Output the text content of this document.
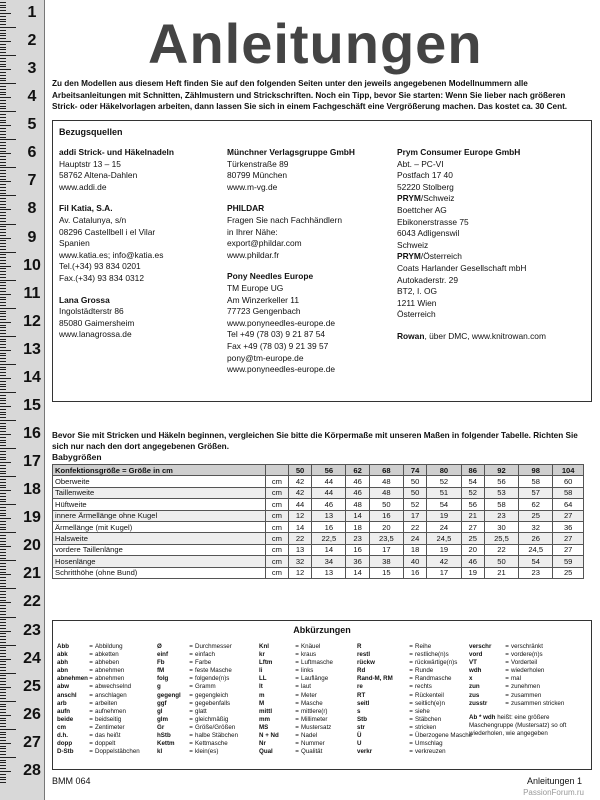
1
2
3
4
5
6
7
8
9
10
11
12
13
14
15
16
17
18
19
20
21
22
23
24
25
26
27
28
Anleitungen
Zu den Modellen aus diesem Heft finden Sie auf den folgenden Seiten unter den jeweils angegebenen Modellnummern alle Arbeitsanleitungen mit Schnitten, Zählmustern und Strickschriften. Noch ein Tipp, bevor Sie starten: Wenn Sie lieber nach größeren Strick- oder Häkelvorlagen arbeiten, dann lassen Sie sich in einem Fachgeschäft eine Vergrößerung machen. Das kostet ca. 30 Cent.
Bezugsquellen
addi Strick- und Häkelnadeln
Hauptstr 13 – 15
58762 Altena-Dahlen
www.addi.de
Fil Katia, S.A.
Av. Catalunya, s/n
08296 Castellbell i el Vilar
Spanien
www.katia.es; info@katia.es
Tel.(+34) 93 834 0201
Fax.(+34) 93 834 0312
Lana Grossa
Ingolstädterstr 86
85080 Gaimersheim
www.lanagrossa.de
Münchner Verlagsgruppe GmbH
Türkenstraße 89
80799 München
www.m-vg.de
PHILDAR
Fragen Sie nach Fachhändlern
in Ihrer Nähe:
export@phildar.com
www.phildar.fr
Pony Needles Europe
TM Europe UG
Am Winzerkeller 11
77723 Gengenbach
www.ponyneedles-europe.de
Tel +49 (78 03) 9 21 87 54
Fax +49 (78 03) 9 21 39 57
pony@tm-europe.de
www.ponyneedles-europe.de
Prym Consumer Europe GmbH
Abt. – PC-VI
Postfach 17 40
52220 Stolberg
PRYM/Schweiz
Boettcher AG
Ebikonerstrasse 75
6043 Adligenswil
Schweiz
PRYM/Österreich
Coats Harlander Gesellschaft mbH
Autokaderstr. 29
BT2, I. OG
1211 Wien
Österreich
Rowan, über DMC, www.knitrowan.com
Bevor Sie mit Stricken und Häkeln beginnen, vergleichen Sie bitte die Körpermaße mit unseren Maßen in folgender Tabelle. Richten Sie sich nur nach den dort angegebenen Größen.
Babygrößen
Konfektionsgröße = Größe in cm		50	56	62	68	74	80	86	92	98	104
Oberweite	cm	42	44	46	48	50	52	54	56	58	60
Taillenweite	cm	42	44	46	48	50	51	52	53	57	58
Hüftweite	cm	44	46	48	50	52	54	56	58	62	64
innere Ärmellänge ohne Kugel	cm	12	13	14	16	17	19	21	23	25	27
Ärmellänge (mit Kugel)	cm	14	16	18	20	22	24	27	30	32	36
Halsweite	cm	22	22,5	23	23,5	24	24,5	25	25,5	26	27
vordere Taillenlänge	cm	13	14	16	17	18	19	20	22	24,5	27
Hosenlänge	cm	32	34	36	38	40	42	46	50	54	59
Schritthöhe (ohne Bund)	cm	12	13	14	15	16	17	19	21	23	25
Abkürzungen
Abb	= Abbildung
abk	= abketten
abh	= abheben
abn	= abnehmen
abnehmen= abnehmen
abw	= abwechselnd
anschl = anschlagen
arb	= arbeiten
aufn	= aufnehmen
beide	= beidseitig
cm	= Zentimeter
d.h.	= das heißt
dopp	= doppelt
D-Stb	= Doppelstäbchen
Ø	= Durchmesser
einf	= einfach
Fb	= Farbe
fM	= feste Masche
folg	= folgende(n)s
g	= Gramm
gegengl = gegengleich
ggf	= gegebenfalls
gl	= glatt
glm	= gleichmäßig
Gr	= Größe/Größen
hStb	= halbe Stäbchen
Kettm = Kettmasche
kl	= klein(es)
Knl	= Knäuel
kr	= kraus
Lftm	= Luftmasche
li	= links
LL	= Lauflänge
lt	= laut
m	= Meter
M	= Masche
mittl	= mittlere(r)
mm	= Millimeter
MS	= Mustersatz
N + Nd	= Nadel
Nr	= Nummer
Qual	= Qualität
R	= Reihe
restl	= restliche(n)s
rückw	= rückwärtige(n)s
Rd	= Runde
Rand-M, RM	= Randmasche
re	= rechts
RT	= Rückenteil
seitl	= seitlich(e)n
s	= siehe
Stb	= Stäbchen
str	= stricken
Ü	= Überzogene Masche
U	= Umschlag
verkr	= verkreuzen
verschr = verschränkt
vord	= vordere(n)s
VT	= Vorderteil
wdh	= wiederholen
x	= mal
zun	= zunehmen
zus	= zusammen
zusstr	= zusammen stricken
Ab * wdh heißt: eine größere Maschengruppe (Mustersatz) so oft wiederholen, wie angegeben
BMM 064	Anleitungen 1
PassionForum.ru
